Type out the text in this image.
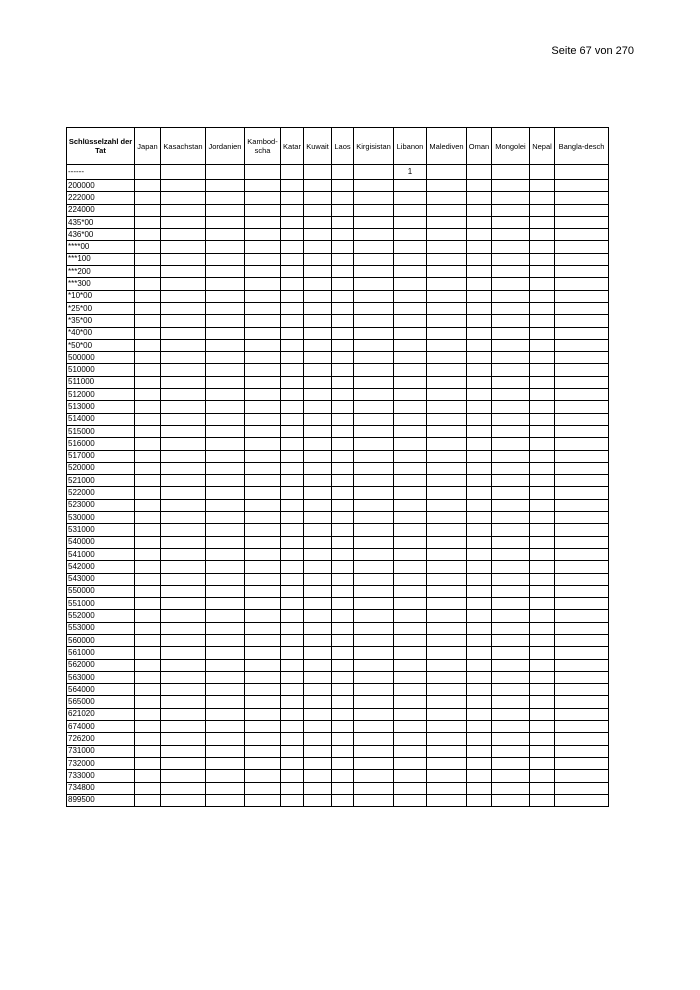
Seite 67 von 270
Schlüsselzahl der Tat	Japan	Kasachstan	Jordanien	Kambod-scha	Katar	Kuwait	Laos	Kirgisistan	Libanon	Malediven	Oman	Mongolei	Nepal	Bangla-desch
------									1					
200000														
222000														
224000														
435*00														
436*00														
****00														
***100														
***200														
***300														
*10*00														
*25*00														
*35*00														
*40*00														
*50*00														
500000														
510000														
511000														
512000														
513000														
514000														
515000														
516000														
517000														
520000														
521000														
522000														
523000														
530000														
531000														
540000														
541000														
542000														
543000														
550000														
551000														
552000														
553000														
560000														
561000														
562000														
563000														
564000														
565000														
621020														
674000														
726200														
731000														
732000														
733000														
734800														
899500														
